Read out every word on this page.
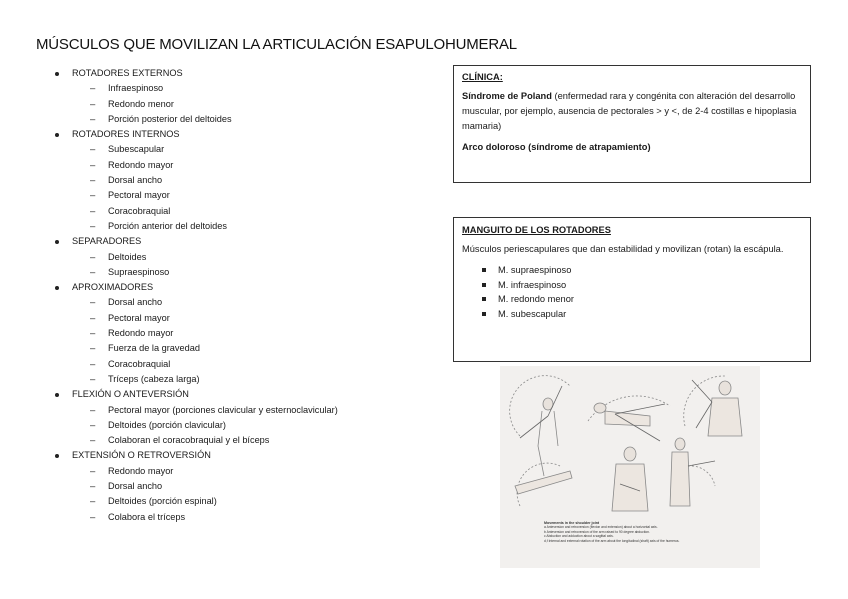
MÚSCULOS QUE MOVILIZAN LA ARTICULACIÓN ESAPULOHUMERAL
ROTADORES EXTERNOS
– Infraespinoso
– Redondo menor
– Porción posterior del deltoides
ROTADORES INTERNOS
– Subescapular
– Redondo mayor
– Dorsal ancho
– Pectoral mayor
– Coracobraquial
– Porción anterior del deltoides
SEPARADORES
– Deltoides
– Supraespinoso
APROXIMADORES
– Dorsal ancho
– Pectoral mayor
– Redondo mayor
– Fuerza de la gravedad
– Coracobraquial
– Tríceps (cabeza larga)
FLEXIÓN O ANTEVERSIÓN
– Pectoral mayor (porciones clavicular y esternoclavicular)
– Deltoides (porción clavicular)
– Colaboran el coracobraquial y el bíceps
EXTENSIÓN O RETROVERSIÓN
– Redondo mayor
– Dorsal ancho
– Deltoides (porción espinal)
– Colabora el tríceps
CLÍNICA:

Síndrome de Poland (enfermedad rara y congénita con alteración del desarrollo muscular, por ejemplo, ausencia de pectorales > y <, de 2-4 costillas e hipoplasia mamaria)

Arco doloroso (síndrome de atrapamiento)

MANGUITO DE LOS ROTADORES

Músculos periescapulares que dan estabilidad y movilizan (rotan) la escápula.

M. supraespinoso
M. infraespinoso
M. redondo menor
M. subescapular
Movements in the shoulder joint
a Anteversion and retroversion (flexion and extension) about a horizontal axis.
b Anteversion and retroversion of the arm raised to 90 degree abduction.
c Abduction and adduction about a sagittal axis.
d,f Internal and external rotation of the arm about the longitudinal (shaft) axis of the humerus.
